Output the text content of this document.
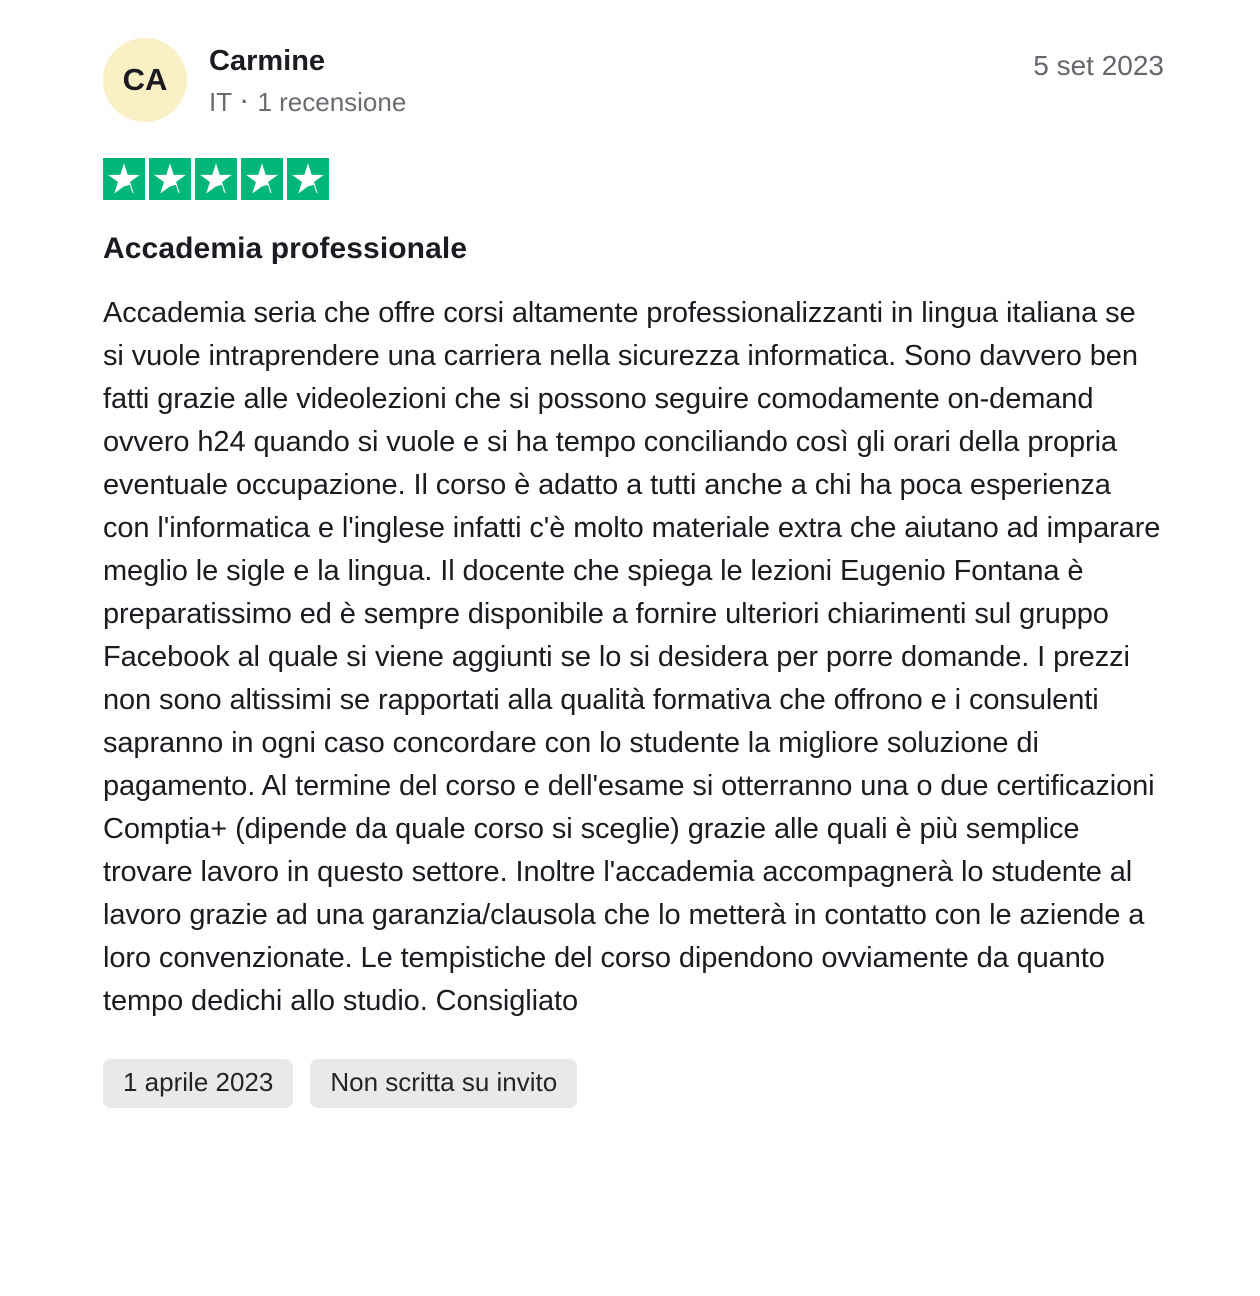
CA
Carmine
IT · 1 recensione
5 set 2023
Accademia professionale

Accademia seria che offre corsi altamente professionalizzanti in lingua italiana se si vuole intraprendere una carriera nella sicurezza informatica. Sono davvero ben fatti grazie alle videolezioni che si possono seguire comodamente on-demand ovvero h24 quando si vuole e si ha tempo conciliando così gli orari della propria eventuale occupazione. Il corso è adatto a tutti anche a chi ha poca esperienza con l'informatica e l'inglese infatti c'è molto materiale extra che aiutano ad imparare meglio le sigle e la lingua. Il docente che spiega le lezioni Eugenio Fontana è preparatissimo ed è sempre disponibile a fornire ulteriori chiarimenti sul gruppo Facebook al quale si viene aggiunti se lo si desidera per porre domande. I prezzi non sono altissimi se rapportati alla qualità formativa che offrono e i consulenti sapranno in ogni caso concordare con lo studente la migliore soluzione di pagamento. Al termine del corso e dell'esame si otterranno una o due certificazioni Comptia+ (dipende da quale corso si sceglie) grazie alle quali è più semplice trovare lavoro in questo settore. Inoltre l'accademia accompagnerà lo studente al lavoro grazie ad una garanzia/clausola che lo metterà in contatto con le aziende a loro convenzionate. Le tempistiche del corso dipendono ovviamente da quanto tempo dedichi allo studio. Consigliato

1 aprile 2023	Non scritta su invito
